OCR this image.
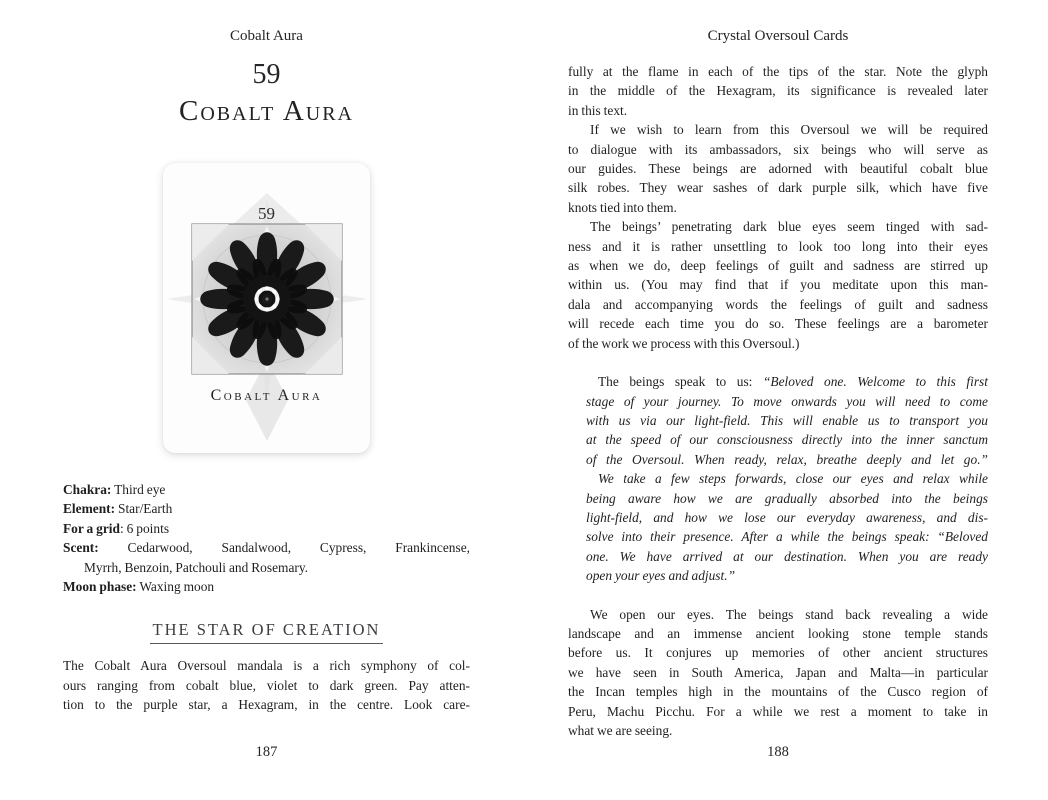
Cobalt Aura
59
Cobalt Aura
59
Cobalt Aura
Chakra: Third eye
Element: Star/Earth
For a grid: 6 points
Scent: Cedarwood, Sandalwood, Cypress, Frankincense,
Myrrh, Benzoin, Patchouli and Rosemary.
Moon phase: Waxing moon
THE STAR OF CREATION
The Cobalt Aura Oversoul mandala is a rich symphony of col-
ours ranging from cobalt blue, violet to dark green. Pay atten-
tion to the purple star, a Hexagram, in the centre. Look care-
187
Crystal Oversoul Cards
fully at the flame in each of the tips of the star. Note the glyph
in the middle of the Hexagram, its significance is revealed later
in this text.
If we wish to learn from this Oversoul we will be required
to dialogue with its ambassadors, six beings who will serve as
our guides. These beings are adorned with beautiful cobalt blue
silk robes. They wear sashes of dark purple silk, which have five
knots tied into them.
The beings’ penetrating dark blue eyes seem tinged with sad-
ness and it is rather unsettling to look too long into their eyes
as when we do, deep feelings of guilt and sadness are stirred up
within us. (You may find that if you meditate upon this man-
dala and accompanying words the feelings of guilt and sadness
will recede each time you do so. These feelings are a barometer
of the work we process with this Oversoul.)
The beings speak to us: “Beloved one. Welcome to this first
stage of your journey. To move onwards you will need to come
with us via our light-field. This will enable us to transport you
at the speed of our consciousness directly into the inner sanctum
of the Oversoul. When ready, relax, breathe deeply and let go.”
We take a few steps forwards, close our eyes and relax while
being aware how we are gradually absorbed into the beings
light-field, and how we lose our everyday awareness, and dis-
solve into their presence. After a while the beings speak: “Beloved
one. We have arrived at our destination. When you are ready
open your eyes and adjust.”
We open our eyes. The beings stand back revealing a wide
landscape and an immense ancient looking stone temple stands
before us. It conjures up memories of other ancient structures
we have seen in South America, Japan and Malta—in particular
the Incan temples high in the mountains of the Cusco region of
Peru, Machu Picchu. For a while we rest a moment to take in
what we are seeing.
188
